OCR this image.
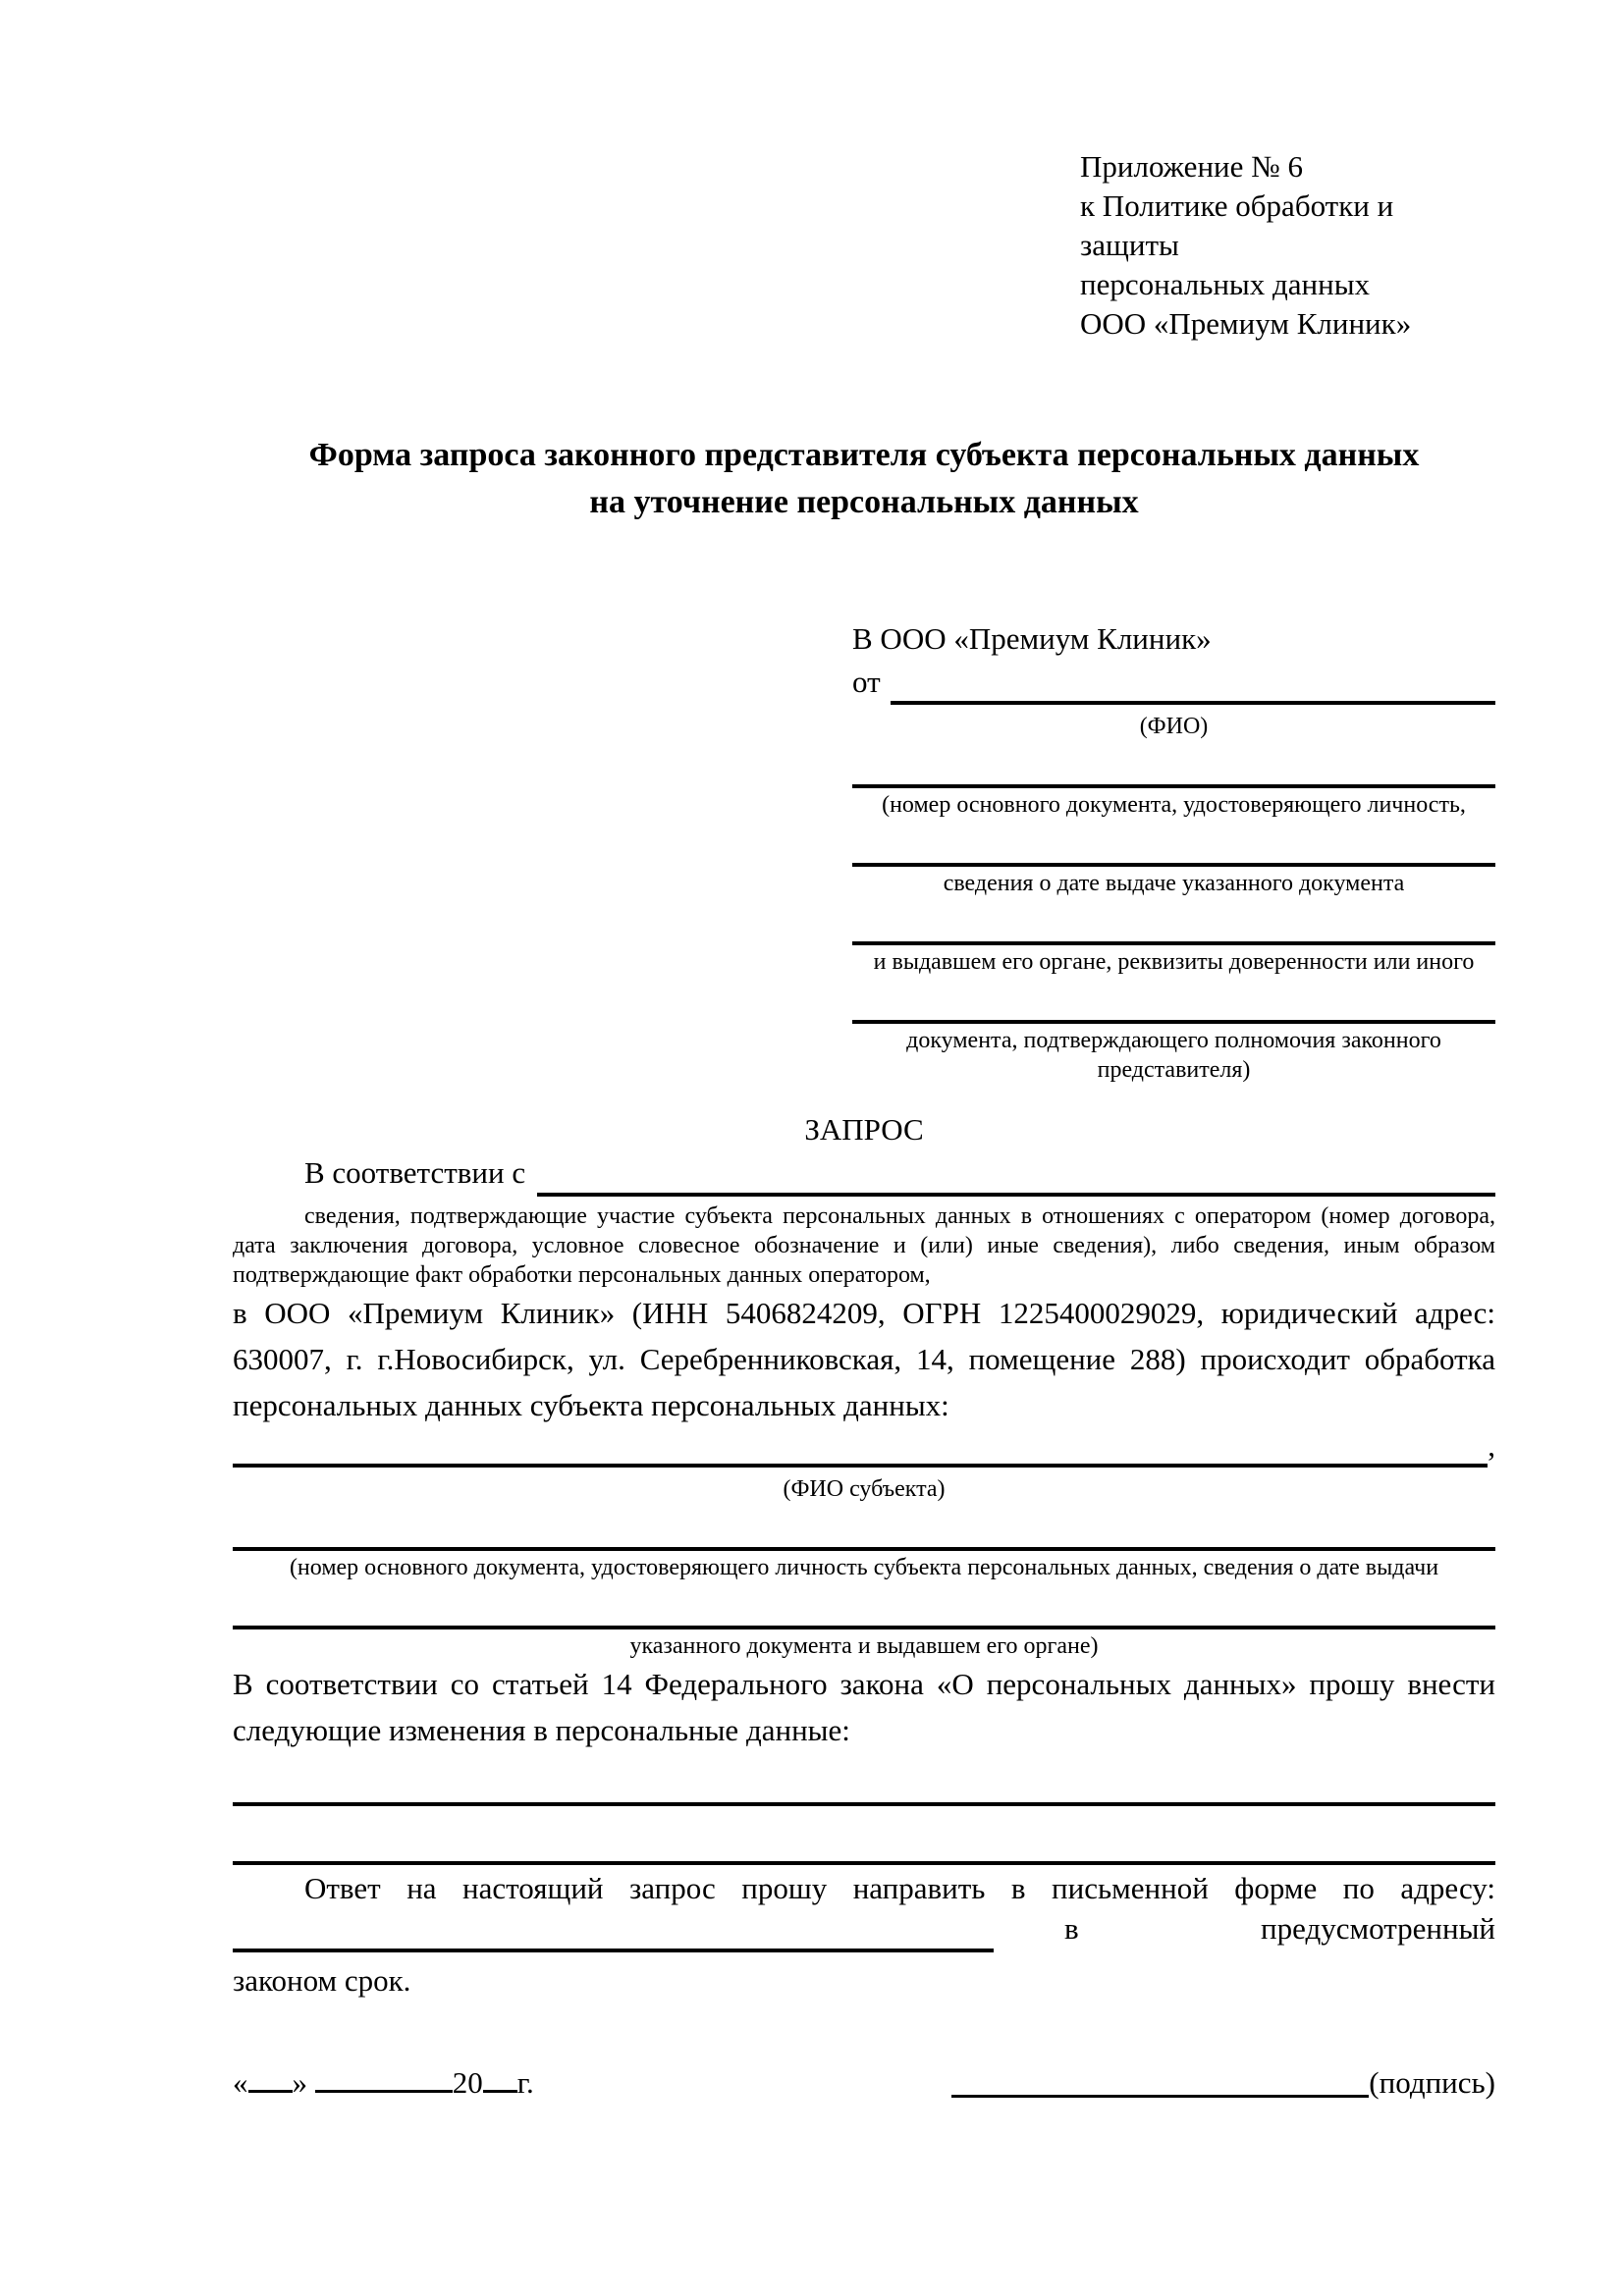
Приложение № 6
к Политике обработки и защиты
персональных данных
ООО «Премиум Клиник»
Форма запроса законного представителя субъекта персональных данных
на уточнение персональных данных
В ООО «Премиум Клиник»
от
(ФИО)
(номер основного документа, удостоверяющего личность,
сведения о дате выдаче указанного документа
и выдавшем его органе, реквизиты доверенности или иного
документа, подтверждающего полномочия законного представителя)
ЗАПРОС
В соответствии с
сведения, подтверждающие участие субъекта персональных данных в отношениях с оператором (номер договора, дата заключения договора, условное словесное обозначение и (или) иные сведения), либо сведения, иным образом подтверждающие факт обработки персональных данных оператором,
в ООО «Премиум Клиник» (ИНН 5406824209, ОГРН 1225400029029, юридический адрес: 630007, г. г.Новосибирск, ул. Серебренниковская, 14, помещение 288) происходит обработка персональных данных субъекта персональных данных:
,
(ФИО субъекта)
(номер основного документа, удостоверяющего личность субъекта персональных данных, сведения о дате выдачи
указанного документа и выдавшем его органе)
В соответствии со статьей 14 Федерального закона «О персональных данных» прошу внести следующие изменения в персональные данные:
Ответ на настоящий запрос прошу направить в письменной форме по адресу:
в	предусмотренный
законом срок.
« »	20 г.	(подпись)
